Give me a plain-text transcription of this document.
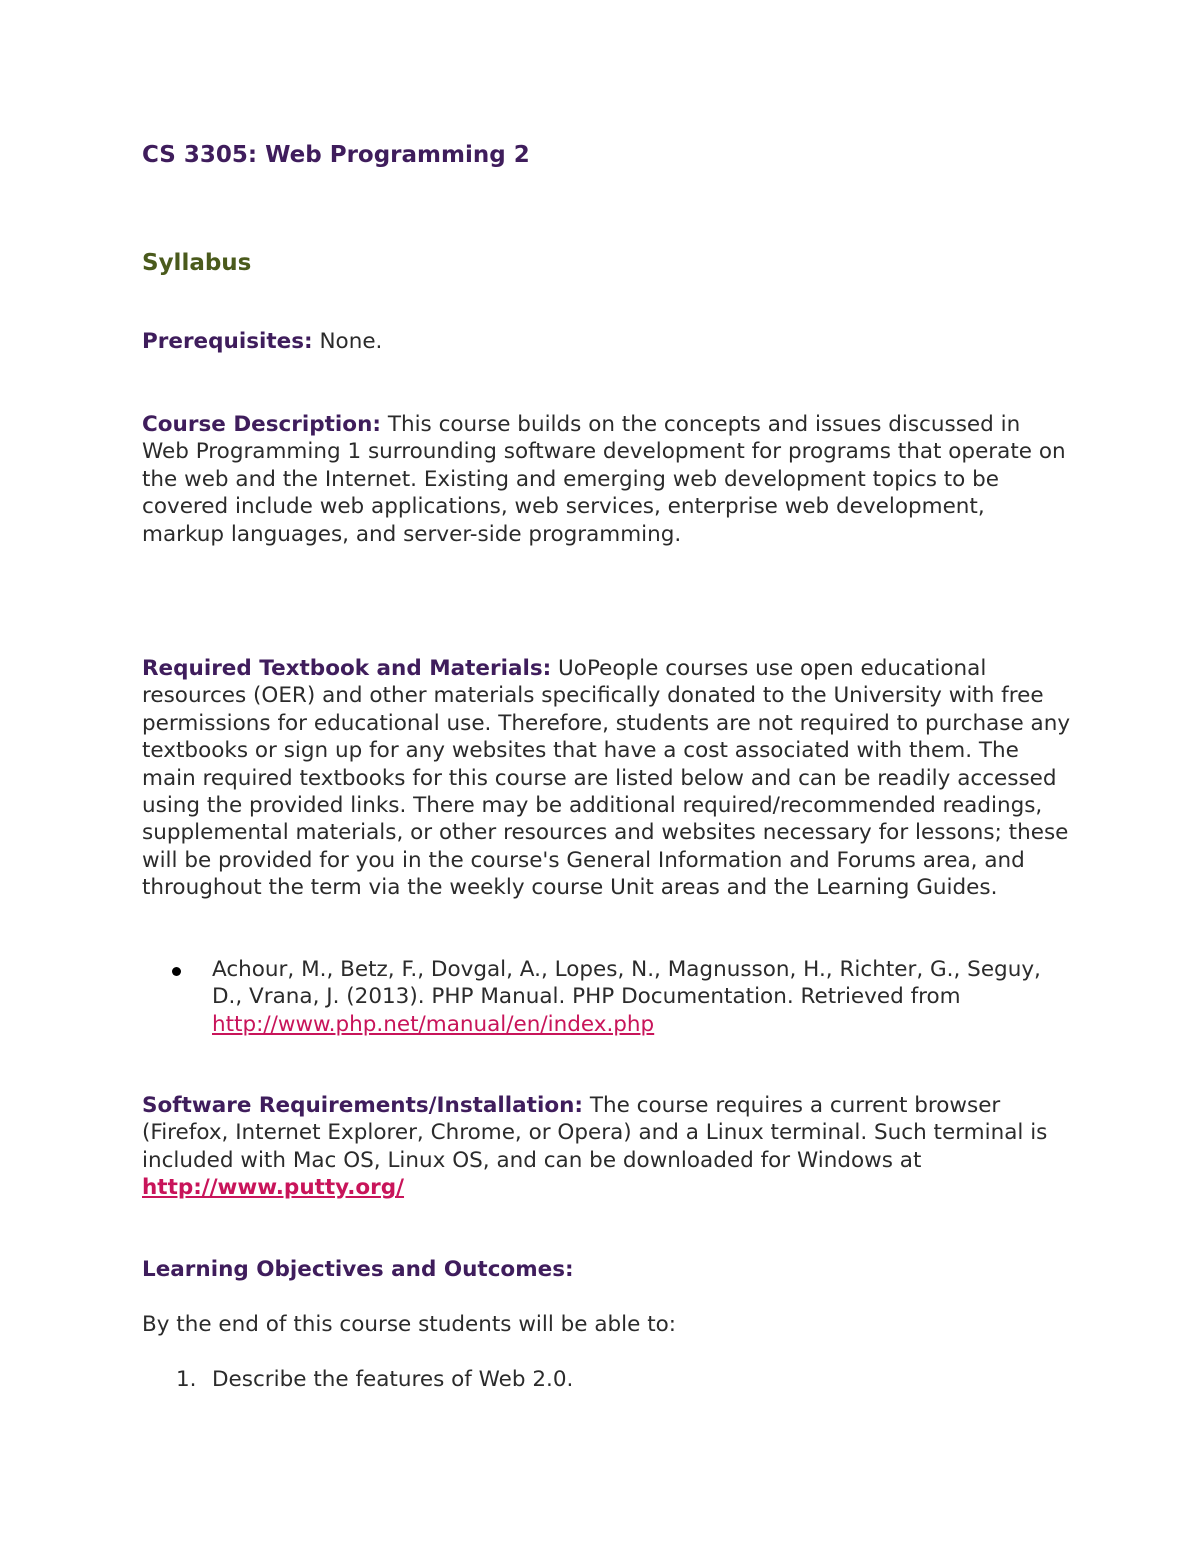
CS 3305: Web Programming 2
Syllabus
Prerequisites: None.
Course Description: This course builds on the concepts and issues discussed in Web Programming 1 surrounding software development for programs that operate on the web and the Internet. Existing and emerging web development topics to be covered include web applications, web services, enterprise web development, markup languages, and server-side programming.
Required Textbook and Materials: UoPeople courses use open educational resources (OER) and other materials specifically donated to the University with free permissions for educational use. Therefore, students are not required to purchase any textbooks or sign up for any websites that have a cost associated with them. The main required textbooks for this course are listed below and can be readily accessed using the provided links. There may be additional required/recommended readings, supplemental materials, or other resources and websites necessary for lessons; these will be provided for you in the course's General Information and Forums area, and throughout the term via the weekly course Unit areas and the Learning Guides.
Achour, M., Betz, F., Dovgal, A., Lopes, N., Magnusson, H., Richter, G., Seguy, D., Vrana, J. (2013). PHP Manual. PHP Documentation. Retrieved from http://www.php.net/manual/en/index.php
Software Requirements/Installation: The course requires a current browser (Firefox, Internet Explorer, Chrome, or Opera) and a Linux terminal. Such terminal is included with Mac OS, Linux OS, and can be downloaded for Windows at http://www.putty.org/
Learning Objectives and Outcomes:
By the end of this course students will be able to:
1. Describe the features of Web 2.0.
